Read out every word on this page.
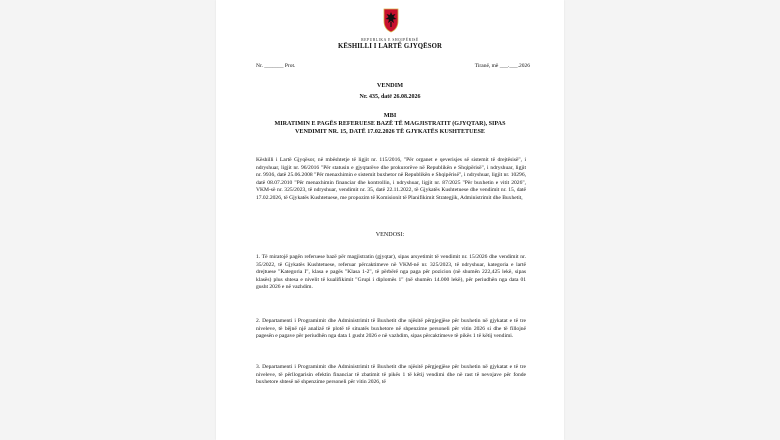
REPUBLIKA E SHQIPËRISË
KËSHILLI I LARTË GJYQËSOR
Nr. _______ Prot.	Tiranë, më ___.___.2026
VENDIM
Nr. 435, datë 26.08.2026
MBI
MIRATIMIN E PAGËS REFERUESE BAZË TË MAGJISTRATIT (GJYQTAR), SIPAS VENDIMIT NR. 15, DATË 17.02.2026 TË GJYKATËS KUSHTETUESE

Këshilli i Lartë Gjyqësor, në mbështetje të ligjit nr. 115/2016, "Për organet e qeverisjes së sistemit të drejtësisë", i ndryshuar, ligjit nr. 96/2016 "Për statusin e gjyqtarëve dhe prokurorëve në Republikën e Shqipërisë", i ndryshuar, ligjit nr. 9936, datë 25.06.2008 "Për menaxhimin e sistemit buxhetor në Republikën e Shqipërisë", i ndryshuar, ligjit nr. 10296, datë 08.07.2010 "Për menaxhimin financiar dhe kontrollin, i ndryshuar, ligjit nr. 87/2025 "Për buxhetin e vitit 2026", VKM-së nr. 325/2023, të ndryshuar, vendimit nr. 35, datë 22.11.2022, të Gjykatës Kushtetuese dhe vendimit nr. 15, datë 17.02.2026, të Gjykatës Kushtetuese, me propozim të Komisionit të Planifikimit Strategjik, Administrimit dhe Buxhetit,

VENDOSI:

1. Të miratojë pagën referuese bazë për magjistratin (gjyqtar), sipas arsyetimit të vendimit nr. 15/2026 dhe vendimit nr. 35/2022, të Gjykatës Kushtetuese, referuar përcaktimeve në VKM-në nr. 325/2023, të ndryshuar, kategoria e lartë drejtuese "Kategoria I", klasa e pagës "Klasa 1-2", të përbërë nga paga për pozicion (në shumën 222,425 lekë, sipas klasës) plus shtesa e nivelit të kualifikimit "Grupi i diplomës 1" (në shumën 14.000 lekë), për periudhën nga data 01 gusht 2026 e në vazhdim.

2. Departamenti i Programimit dhe Administrimit të Buxhetit dhe njësitë përgjegjëse për buxhetin në gjykatat e të tre niveleve, të bëjnë një analizë të plotë të situatës buxhetore në shpenzime personeli për vitin 2026 si dhe të fillojnë pagesën e pagave për periudhën nga data 1 gusht 2026 e në vazhdim, sipas përcaktimeve të pikës 1 të këtij vendimi.

3. Departamenti i Programimit dhe Administrimit të Buxhetit dhe njësitë përgjegjëse për buxhetin në gjykatat e të tre niveleve, të përllogarisin efektin financiar të zbatimit të pikës 1 të këtij vendimi dhe në rast të nevojave për fonde buxhetore shtesë në shpenzime personeli për vitin 2026, të
